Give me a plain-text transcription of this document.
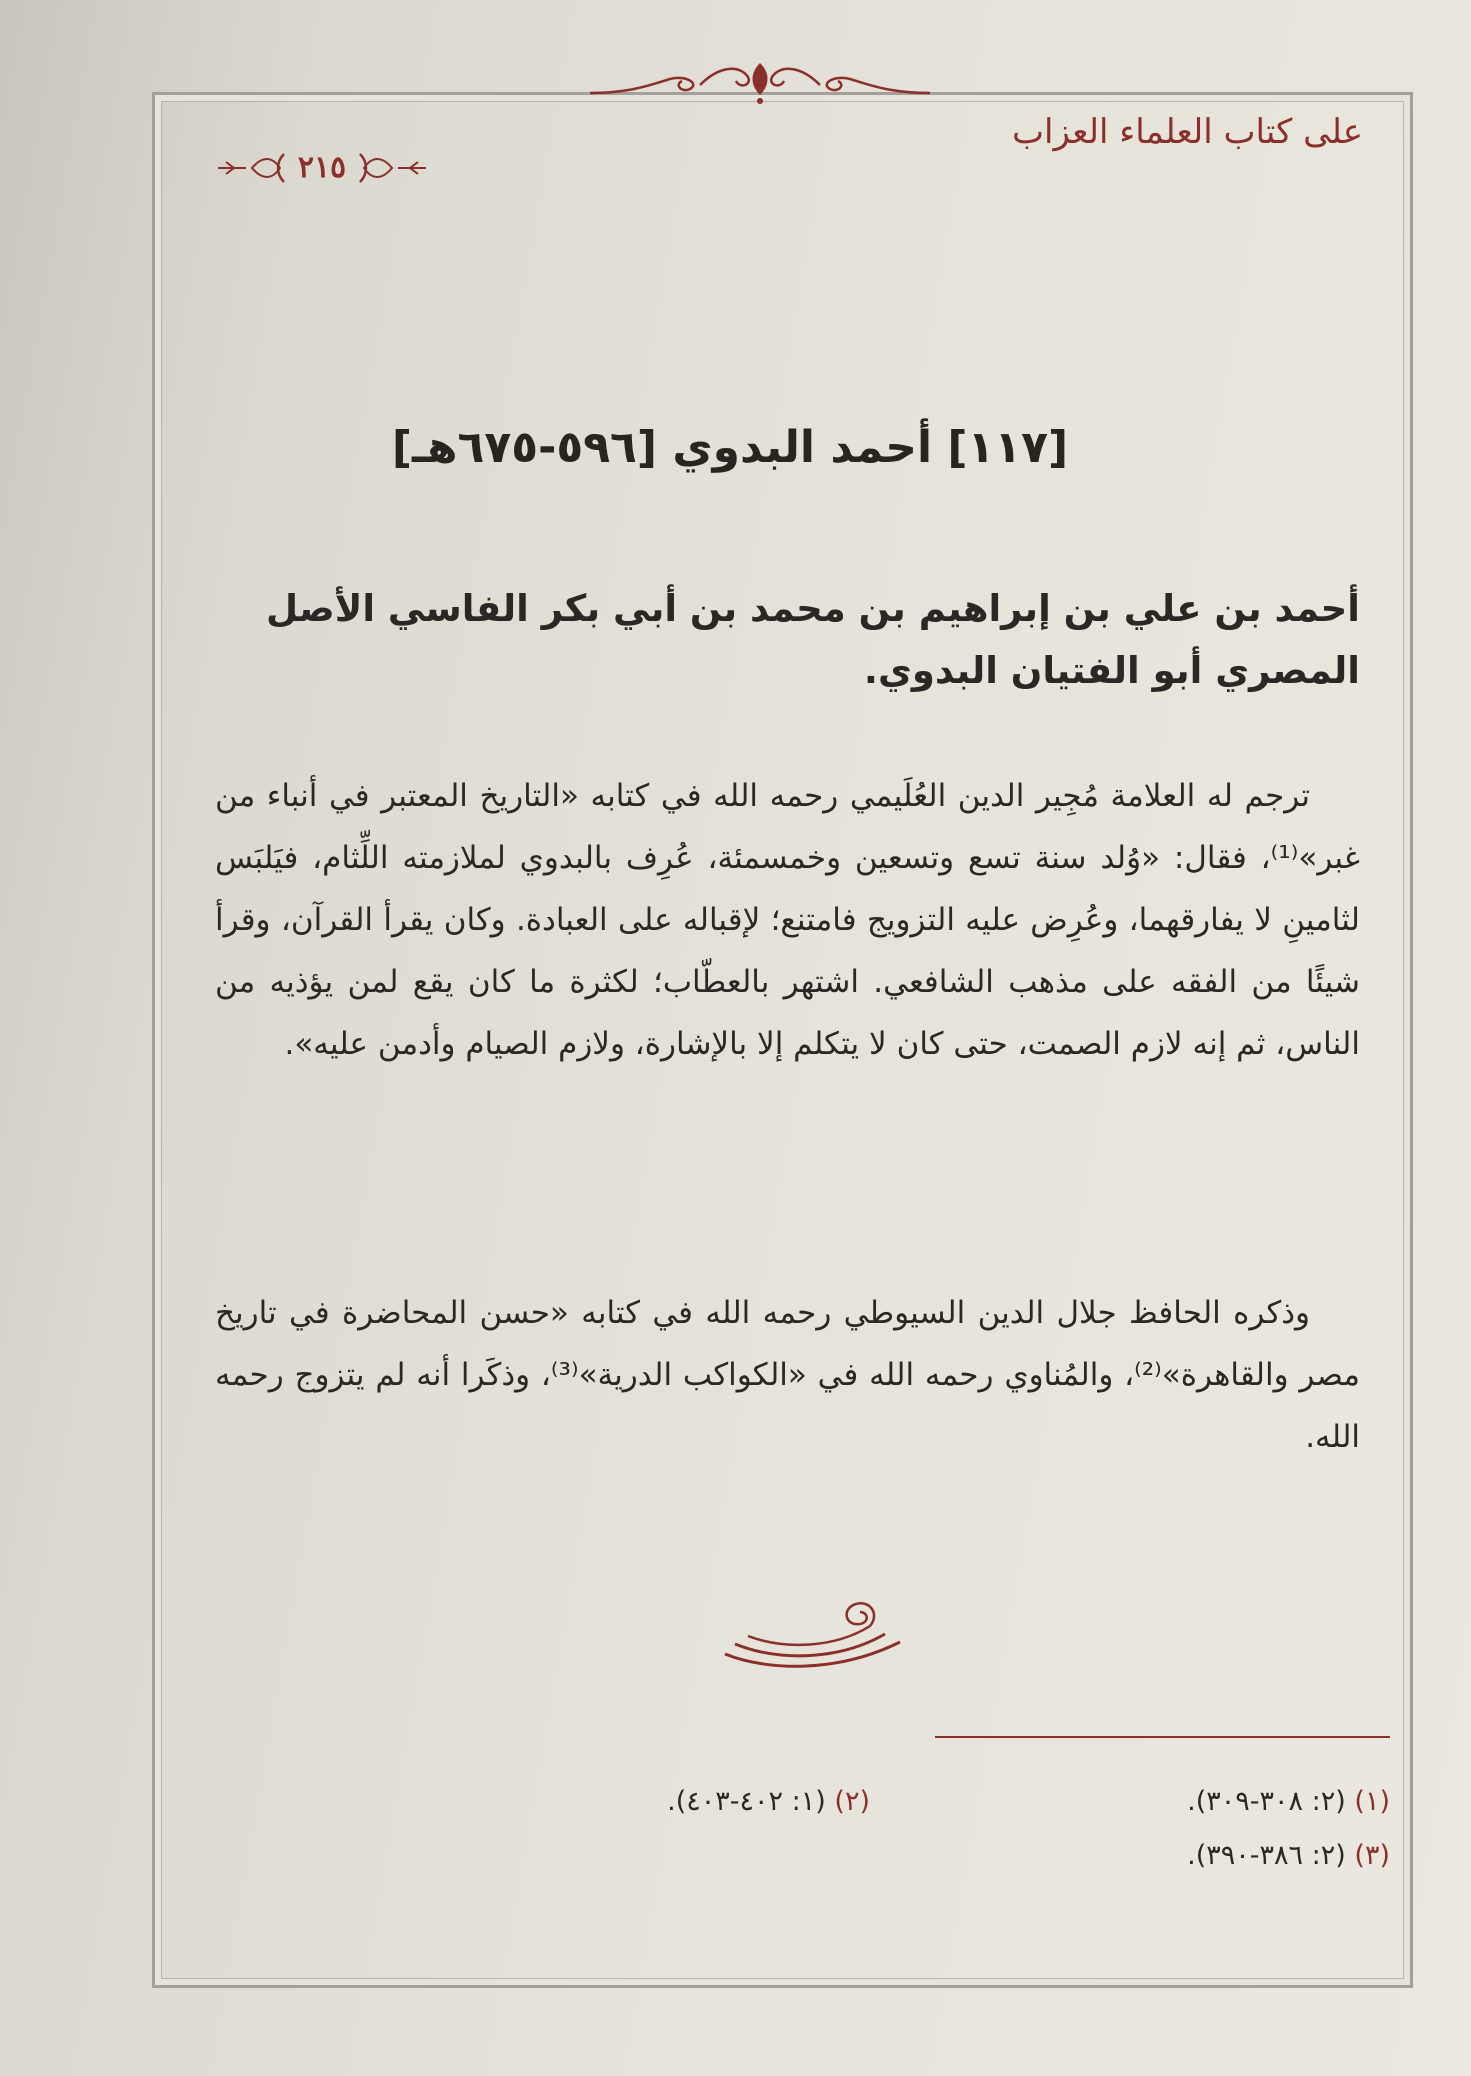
على كتاب العلماء العزاب
٢١٥
[١١٧] أحمد البدوي [٥٩٦-٦٧٥هـ]
أحمد بن علي بن إبراهيم بن محمد بن أبي بكر الفاسي الأصل المصري أبو الفتيان البدوي.

ترجم له العلامة مُجِير الدين العُلَيمي رحمه الله في كتابه «التاريخ المعتبر في أنباء من غبر»⁽¹⁾، فقال: «وُلد سنة تسع وتسعين وخمسمئة، عُرِف بالبدوي لملازمته اللِّثام، فيَلبَس لثامينِ لا يفارقهما، وعُرِض عليه التزويج فامتنع؛ لإقباله على العبادة. وكان يقرأ القرآن، وقرأ شيئًا من الفقه على مذهب الشافعي. اشتهر بالعطّاب؛ لكثرة ما كان يقع لمن يؤذيه من الناس، ثم إنه لازم الصمت، حتى كان لا يتكلم إلا بالإشارة، ولازم الصيام وأدمن عليه».

وذكره الحافظ جلال الدين السيوطي رحمه الله في كتابه «حسن المحاضرة في تاريخ مصر والقاهرة»⁽²⁾، والمُناوي رحمه الله في «الكواكب الدرية»⁽³⁾، وذكَرا أنه لم يتزوج رحمه الله.

(١) (٢: ٣٠٨-٣٠٩).
(٢) (١: ٤٠٢-٤٠٣).
(٣) (٢: ٣٨٦-٣٩٠).
